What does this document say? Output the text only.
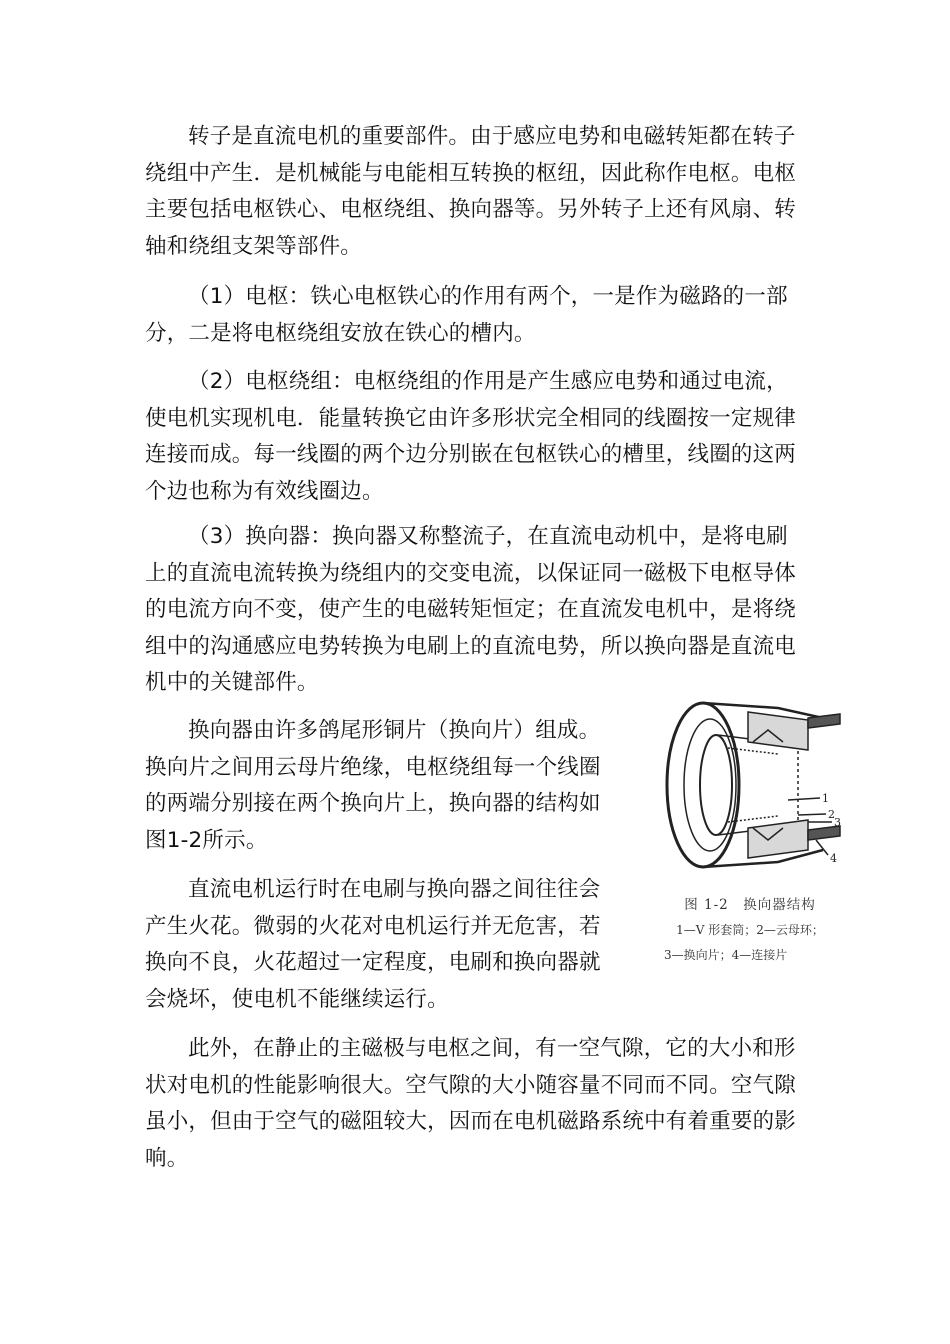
转子是直流电机的重要部件。由于感应电势和电磁转矩都在转子绕组中产生．是机械能与电能相互转换的枢纽，因此称作电枢。电枢主要包括电枢铁心、电枢绕组、换向器等。另外转子上还有风扇、转轴和绕组支架等部件。

（1）电枢：铁心电枢铁心的作用有两个，一是作为磁路的一部分，二是将电枢绕组安放在铁心的槽内。

（2）电枢绕组：电枢绕组的作用是产生感应电势和通过电流，使电机实现机电．能量转换它由许多形状完全相同的线圈按一定规律连接而成。每一线圈的两个边分别嵌在包枢铁心的槽里，线圈的这两个边也称为有效线圈边。

（3）换向器：换向器又称整流子，在直流电动机中，是将电刷上的直流电流转换为绕组内的交变电流，以保证同一磁极下电枢导体的电流方向不变，使产生的电磁转矩恒定；在直流发电机中，是将绕组中的沟通感应电势转换为电刷上的直流电势，所以换向器是直流电机中的关键部件。

换向器由许多鸽尾形铜片（换向片）组成。换向片之间用云母片绝缘，电枢绕组每一个线圈的两端分别接在两个换向片上，换向器的结构如图1-2所示。

直流电机运行时在电刷与换向器之间往往会产生火花。微弱的火花对电机运行并无危害，若换向不良，火花超过一定程度，电刷和换向器就会烧坏，使电机不能继续运行。

此外，在静止的主磁极与电枢之间，有一空气隙，它的大小和形状对电机的性能影响很大。空气隙的大小随容量不同而不同。空气隙虽小，但由于空气的磁阻较大，因而在电机磁路系统中有着重要的影响。

1
2
3
4

图 1-2　换向器结构

1—V 形套筒；2—云母环；

3—换向片；4—连接片
